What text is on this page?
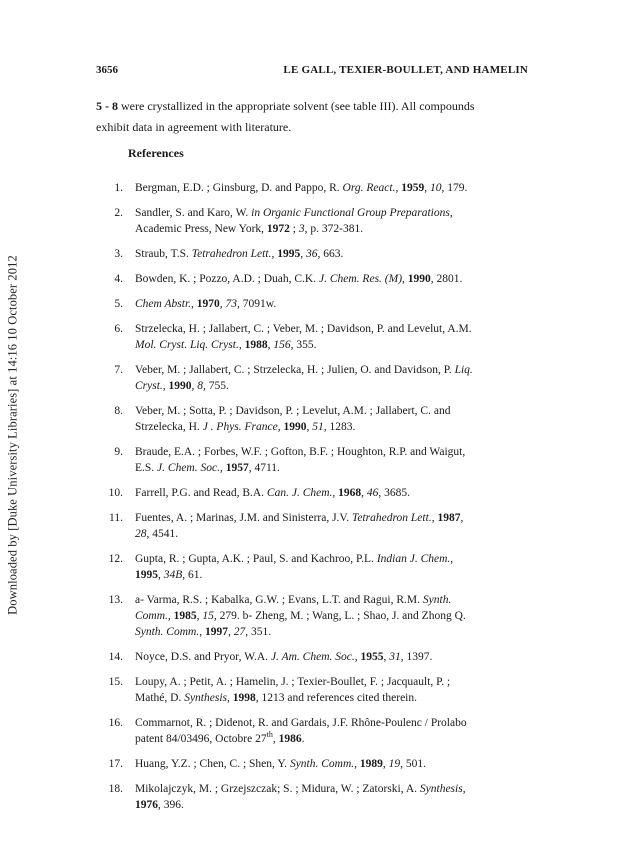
Downloaded by [Duke University Libraries] at 14:16 10 October 2012
3656	LE GALL, TEXIER-BOULLET, AND HAMELIN

5 - 8 were crystallized in the appropriate solvent (see table III). All compounds

exhibit data in agreement with literature.

References
1. Bergman, E.D. ; Ginsburg, D. and Pappo, R. Org. React., 1959, 10, 179.
2. Sandler, S. and Karo, W. in Organic Functional Group Preparations,
Academic Press, New York, 1972 ; 3, p. 372-381.
3. Straub, T.S. Tetrahedron Lett., 1995, 36, 663.
4. Bowden, K. ; Pozzo, A.D. ; Duah, C.K. J. Chem. Res. (M), 1990, 2801.
5. Chem Abstr., 1970, 73, 7091w.
6. Strzelecka, H. ; Jallabert, C. ; Veber, M. ; Davidson, P. and Levelut, A.M.
Mol. Cryst. Liq. Cryst., 1988, 156, 355.
7. Veber, M. ; Jallabert, C. ; Strzelecka, H. ; Julien, O. and Davidson, P. Liq.
Cryst., 1990, 8, 755.
8. Veber, M. ; Sotta, P. ; Davidson, P. ; Levelut, A.M. ; Jallabert, C. and
Strzelecka, H. J . Phys. France, 1990, 51, 1283.
9. Braude, E.A. ; Forbes, W.F. ; Gofton, B.F. ; Houghton, R.P. and Waigut,
E.S. J. Chem. Soc., 1957, 4711.
10. Farrell, P.G. and Read, B.A. Can. J. Chem., 1968, 46, 3685.
11. Fuentes, A. ; Marinas, J.M. and Sinisterra, J.V. Tetrahedron Lett., 1987,
28, 4541.
12. Gupta, R. ; Gupta, A.K. ; Paul, S. and Kachroo, P.L. Indian J. Chem.,
1995, 34B, 61.
13. a- Varma, R.S. ; Kabalka, G.W. ; Evans, L.T. and Ragui, R.M. Synth.
Comm., 1985, 15, 279. b- Zheng, M. ; Wang, L. ; Shao, J. and Zhong Q.
Synth. Comm., 1997, 27, 351.
14. Noyce, D.S. and Pryor, W.A. J. Am. Chem. Soc., 1955, 31, 1397.
15. Loupy, A. ; Petit, A. ; Hamelin, J. ; Texier-Boullet, F. ; Jacquault, P. ;
Mathé, D. Synthesis, 1998, 1213 and references cited therein.
16. Commarnot, R. ; Didenot, R. and Gardais, J.F. Rhône-Poulenc / Prolabo
patent 84/03496, Octobre 27th, 1986.
17. Huang, Y.Z. ; Chen, C. ; Shen, Y. Synth. Comm., 1989, 19, 501.
18. Mikolajczyk, M. ; Grzejszczak; S. ; Midura, W. ; Zatorski, A. Synthesis,
1976, 396.
